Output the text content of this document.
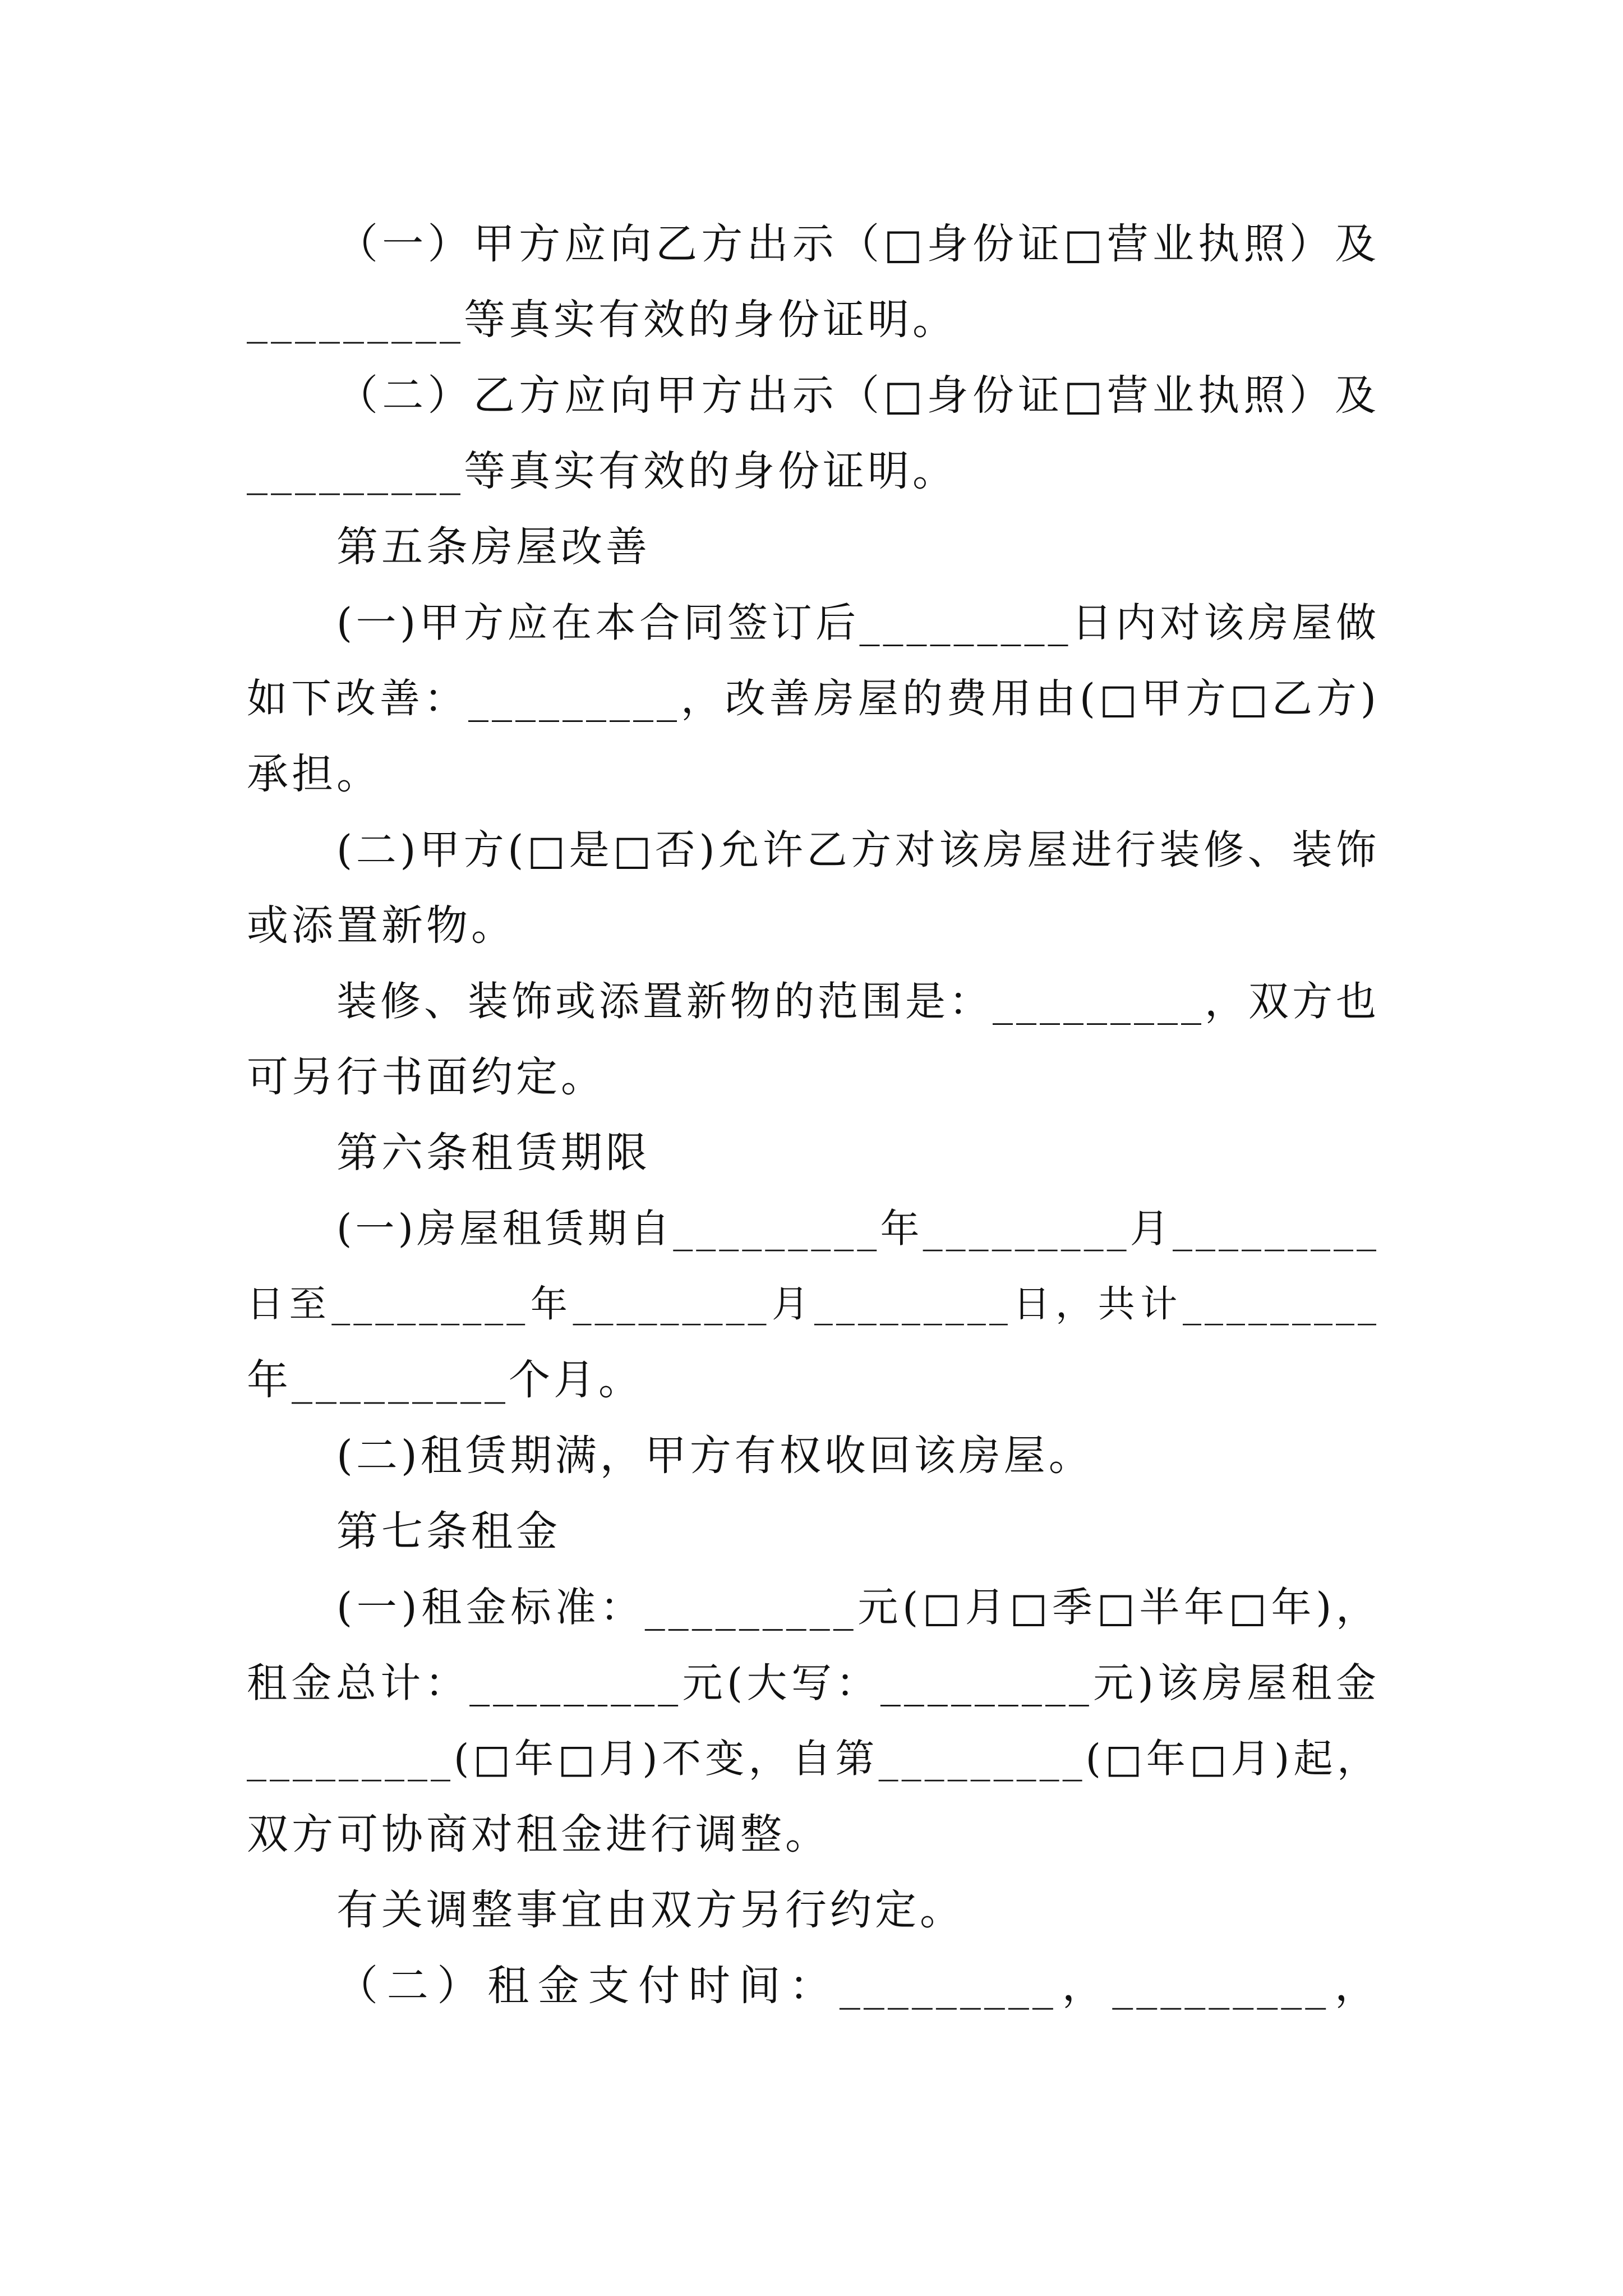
（一）甲方应向乙方出示（□身份证□营业执照）及
_________等真实有效的身份证明。
（二）乙方应向甲方出示（□身份证□营业执照）及
_________等真实有效的身份证明。
第五条房屋改善
(一)甲方应在本合同签订后_________日内对该房屋做
如下改善：_________，改善房屋的费用由(□甲方□乙方)
承担。
(二)甲方(□是□否)允许乙方对该房屋进行装修、装饰
或添置新物。
装修、装饰或添置新物的范围是：_________，双方也
可另行书面约定。
第六条租赁期限
(一)房屋租赁期自_________年_________月_________
日至_________年_________月_________日，共计_________
年_________个月。
(二)租赁期满，甲方有权收回该房屋。
第七条租金
(一)租金标准：_________元(□月□季□半年□年)，
租金总计：_________元(大写：_________元)该房屋租金
_________(□年□月)不变，自第_________(□年□月)起，
双方可协商对租金进行调整。
有关调整事宜由双方另行约定。
（二）租金支付时间：_________，_________，
